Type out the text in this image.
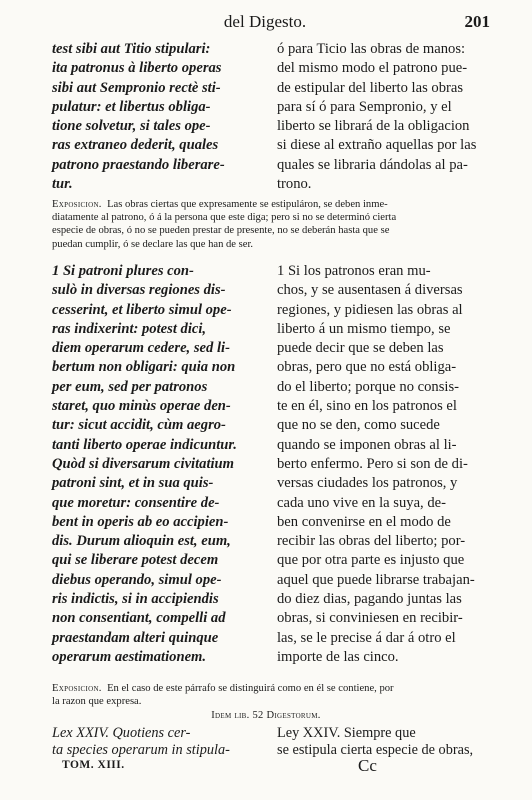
del Digesto.	201
test sibi aut Titio stipulari:
ita patronus à liberto operas
sibi aut Sempronio rectè sti-
pulatur: et libertus obliga-
tione solvetur, si tales ope-
ras extraneo dederit, quales
patrono praestando liberare-
tur.
ó para Ticio las obras de manos:
del mismo modo el patrono pue-
de estipular del liberto las obras
para sí ó para Sempronio, y el
liberto se librará de la obligacion
si diese al extraño aquellas por las
quales se libraria dándolas al pa-
trono.
Exposicion. Las obras ciertas que expresamente se estipuláron, se deben inme-
diatamente al patrono, ó á la persona que este diga; pero si no se determinó cierta
especie de obras, ó no se pueden prestar de presente, no se deberán hasta que se
puedan cumplir, ó se declare las que han de ser.
1 Si patroni plures con-
sulò in diversas regiones dis-
cesserint, et liberto simul ope-
ras indixerint: potest dici,
diem operarum cedere, sed li-
bertum non obligari: quia non
per eum, sed per patronos
staret, quo minùs operae den-
tur: sicut accidit, cùm aegro-
tanti liberto operae indicuntur.
Quòd si diversarum civitatium
patroni sint, et in sua quis-
que moretur: consentire de-
bent in operis ab eo accipien-
dis. Durum alioquin est, eum,
qui se liberare potest decem
diebus operando, simul ope-
ris indictis, si in accipiendis
non consentiant, compelli ad
praestandam alteri quinque
operarum aestimationem.
1 Si los patronos eran mu-
chos, y se ausentasen á diversas
regiones, y pidiesen las obras al
liberto á un mismo tiempo, se
puede decir que se deben las
obras, pero que no está obliga-
do el liberto; porque no consis-
te en él, sino en los patronos el
que no se den, como sucede
quando se imponen obras al li-
berto enfermo. Pero si son de di-
versas ciudades los patronos, y
cada uno vive en la suya, de-
ben convenirse en el modo de
recibir las obras del liberto; por-
que por otra parte es injusto que
aquel que puede librarse trabajan-
do diez dias, pagando juntas las
obras, si conviniesen en recibir-
las, se le precise á dar á otro el
importe de las cinco.
Exposicion. En el caso de este párrafo se distinguirá como en él se contiene, por
la razon que expresa.
Idem lib. 52 Digestorum.
Lex XXIV. Quotiens cer-
ta species operarum in stipula-
Ley XXIV. Siempre que
se estipula cierta especie de obras,
TOM. XIII.	Cc
